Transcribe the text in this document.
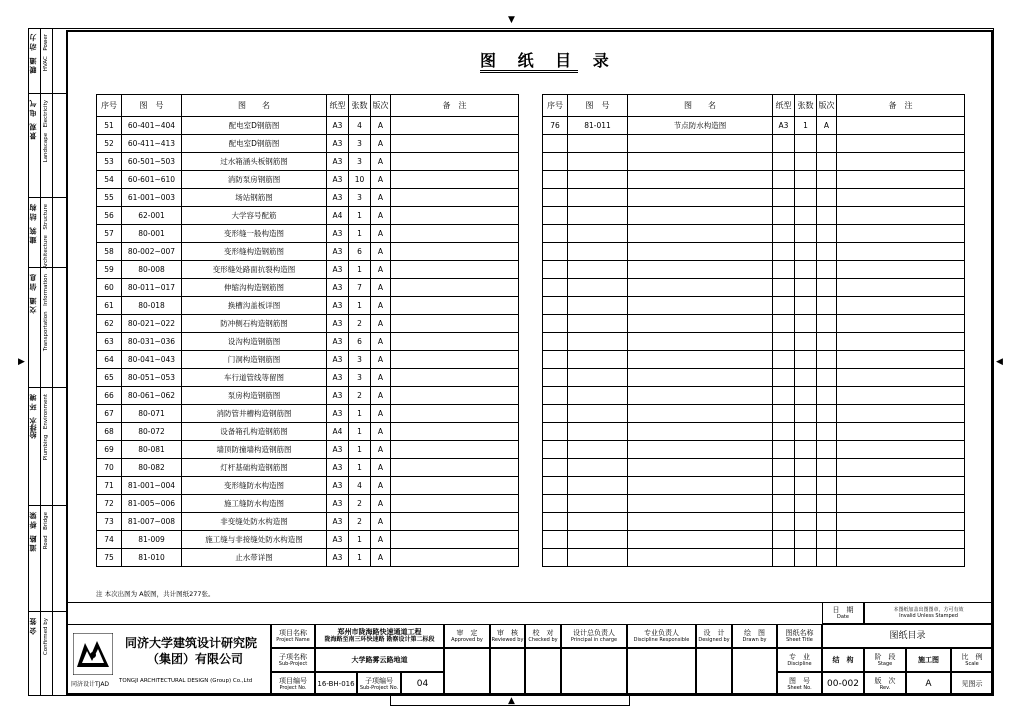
暖 通　动 力 HVAC　Power
景 观　电 气 Landscape　Electricity
建 筑　结 构 Architecture　Structure
交 通　信 息 Transportation　Information
给排水　环 境 Plumbing　Environment
道 路　桥 梁 Road　Bridge
会 签 Confirmed by
图 纸 目 录
序号	图　号	图　　名	纸型	张数	版次	备　注
51	60-401~404	配电室D钢筋图	A3	4	A	
52	60-411~413	配电室D钢筋图	A3	3	A	
53	60-501~503	过水箱涵头板钢筋图	A3	3	A	
54	60-601~610	消防泵房钢筋图	A3	10	A	
55	61-001~003	场站钢筋图	A3	3	A	
56	62-001	大学容号配筋	A4	1	A	
57	80-001	变形缝一般构造图	A3	1	A	
58	80-002~007	变形缝构造钢筋图	A3	6	A	
59	80-008	变形缝处路面抗裂构造图	A3	1	A	
60	80-011~017	伸缩沟构造钢筋图	A3	7	A	
61	80-018	换槽沟盖板详图	A3	1	A	
62	80-021~022	防冲侧石构造钢筋图	A3	2	A	
63	80-031~036	设沟构造钢筋图	A3	6	A	
64	80-041~043	门洞构造钢筋图	A3	3	A	
65	80-051~053	车行道管线等留图	A3	3	A	
66	80-061~062	泵房构造钢筋图	A3	2	A	
67	80-071	消防管井槽构造钢筋图	A3	1	A	
68	80-072	设备箱孔构造钢筋图	A4	1	A	
69	80-081	墙顶防撞墙构造钢筋图	A3	1	A	
70	80-082	灯杆基础构造钢筋图	A3	1	A	
71	81-001~004	变形缝防水构造图	A3	4	A	
72	81-005~006	施工缝防水构造图	A3	2	A	
73	81-007~008	非变缝处防水构造图	A3	2	A	
74	81-009	施工缝与非接缝处防水构造图	A3	1	A	
75	81-010	止水带详图	A3	1	A	
序号	图　号	图　　名	纸型	张数	版次	备　注
76	81-011	节点防水构造图	A3	1	A	

注 本次出图为 A版图，共计图纸277张。
日　期
Date
本图纸加盖出图图章，方可有效
Invalid Unless Stamped
同济设计TJAD
同济大学建筑设计研究院
（集团）有限公司
TONGJI ARCHITECTURAL DESIGN (Group) Co.,Ltd
项目名称
Project Name
郑州市陇海路快速通道工程
陇海路至南三环快速路 勘察设计第二标段
子项名称
Sub-Project	大学路雾云路地道
项目编号
Project No.	16-BH-016	子项编号
Sub-Project No.	04
审　定
Approved by
审　核
Reviewed by
校　对
Checked by
设计总负责人
Principal in charge
专业负责人
Discipline Responsible
设　计
Designed by
绘　图
Drawn by
图纸名称
Sheet Title	图纸目录
专　业
Discipline	结　构	阶　段
Stage	施工图	比　例
Scale
图　号
Sheet No.	00-002	版　次
Rev.	A	见图示
▼
▲
▶	◀
